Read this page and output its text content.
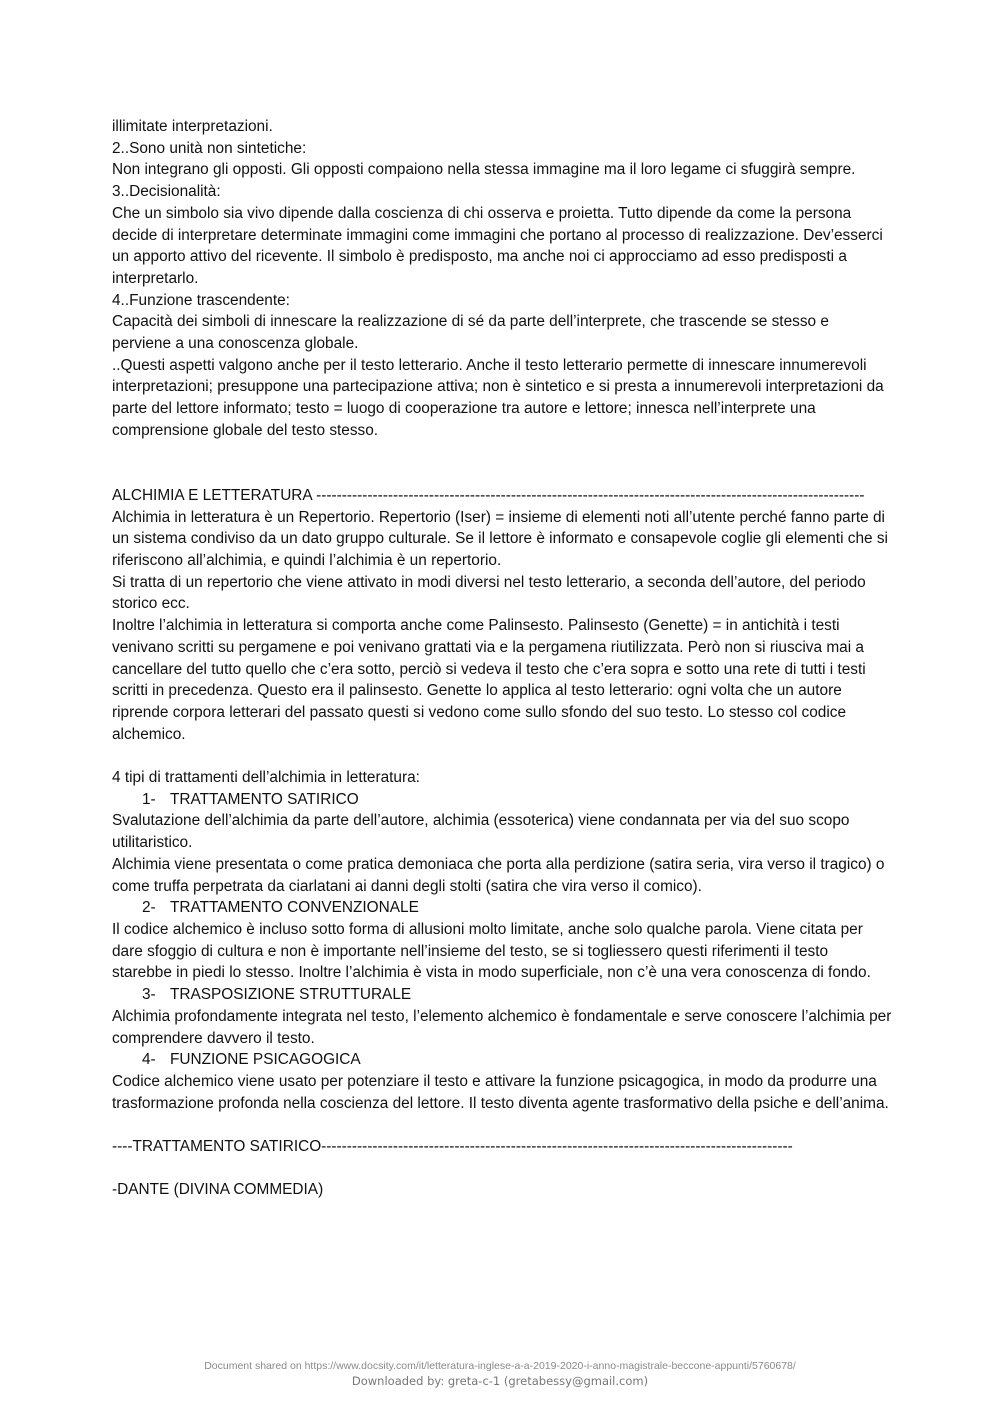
illimitate interpretazioni.

2..Sono unità non sintetiche:

Non integrano gli opposti. Gli opposti compaiono nella stessa immagine ma il loro legame ci sfuggirà sempre.

3..Decisionalità:

Che un simbolo sia vivo dipende dalla coscienza di chi osserva e proietta. Tutto dipende da come la persona decide di interpretare determinate immagini come immagini che portano al processo di realizzazione. Dev’esserci un apporto attivo del ricevente. Il simbolo è predisposto, ma anche noi ci approcciamo ad esso predisposti a interpretarlo.

4..Funzione trascendente:

Capacità dei simboli di innescare la realizzazione di sé da parte dell’interprete, che trascende se stesso e perviene a una conoscenza globale.

..Questi aspetti valgono anche per il testo letterario. Anche il testo letterario permette di innescare innumerevoli interpretazioni; presuppone una partecipazione attiva; non è sintetico e si presta a innumerevoli interpretazioni da parte del lettore informato; testo = luogo di cooperazione tra autore e lettore; innesca nell’interprete una comprensione globale del testo stesso.

ALCHIMIA E LETTERATURA -----------------------------------------------------------------------------------------------------------

Alchimia in letteratura è un Repertorio. Repertorio (Iser) = insieme di elementi noti all’utente perché fanno parte di un sistema condiviso da un dato gruppo culturale. Se il lettore è informato e consapevole coglie gli elementi che si riferiscono all’alchimia, e quindi l’alchimia è un repertorio.

Si tratta di un repertorio che viene attivato in modi diversi nel testo letterario, a seconda dell’autore, del periodo storico ecc.

Inoltre l’alchimia in letteratura si comporta anche come Palinsesto. Palinsesto (Genette) = in antichità i testi venivano scritti su pergamene e poi venivano grattati via e la pergamena riutilizzata. Però non si riusciva mai a cancellare del tutto quello che c’era sotto, perciò si vedeva il testo che c’era sopra e sotto una rete di tutti i testi scritti in precedenza. Questo era il palinsesto. Genette lo applica al testo letterario: ogni volta che un autore riprende corpora letterari del passato questi si vedono come sullo sfondo del suo testo. Lo stesso col codice alchemico.

4 tipi di trattamenti dell’alchimia in letteratura:

1- TRATTAMENTO SATIRICO

Svalutazione dell’alchimia da parte dell’autore, alchimia (essoterica) viene condannata per via del suo scopo utilitaristico.

Alchimia viene presentata o come pratica demoniaca che porta alla perdizione (satira seria, vira verso il tragico) o come truffa perpetrata da ciarlatani ai danni degli stolti (satira che vira verso il comico).

2- TRATTAMENTO CONVENZIONALE

Il codice alchemico è incluso sotto forma di allusioni molto limitate, anche solo qualche parola. Viene citata per dare sfoggio di cultura e non è importante nell’insieme del testo, se si togliessero questi riferimenti il testo starebbe in piedi lo stesso. Inoltre l’alchimia è vista in modo superficiale, non c’è una vera conoscenza di fondo.

3- TRASPOSIZIONE STRUTTURALE

Alchimia profondamente integrata nel testo, l’elemento alchemico è fondamentale e serve conoscere l’alchimia per comprendere davvero il testo.

4- FUNZIONE PSICAGOGICA

Codice alchemico viene usato per potenziare il testo e attivare la funzione psicagogica, in modo da produrre una trasformazione profonda nella coscienza del lettore. Il testo diventa agente trasformativo della psiche e dell’anima.

----TRATTAMENTO SATIRICO--------------------------------------------------------------------------------------------

-DANTE (DIVINA COMMEDIA)

Document shared on https://www.docsity.com/it/letteratura-inglese-a-a-2019-2020-i-anno-magistrale-beccone-appunti/5760678/
Downloaded by: greta-c-1 (gretabessy@gmail.com)
